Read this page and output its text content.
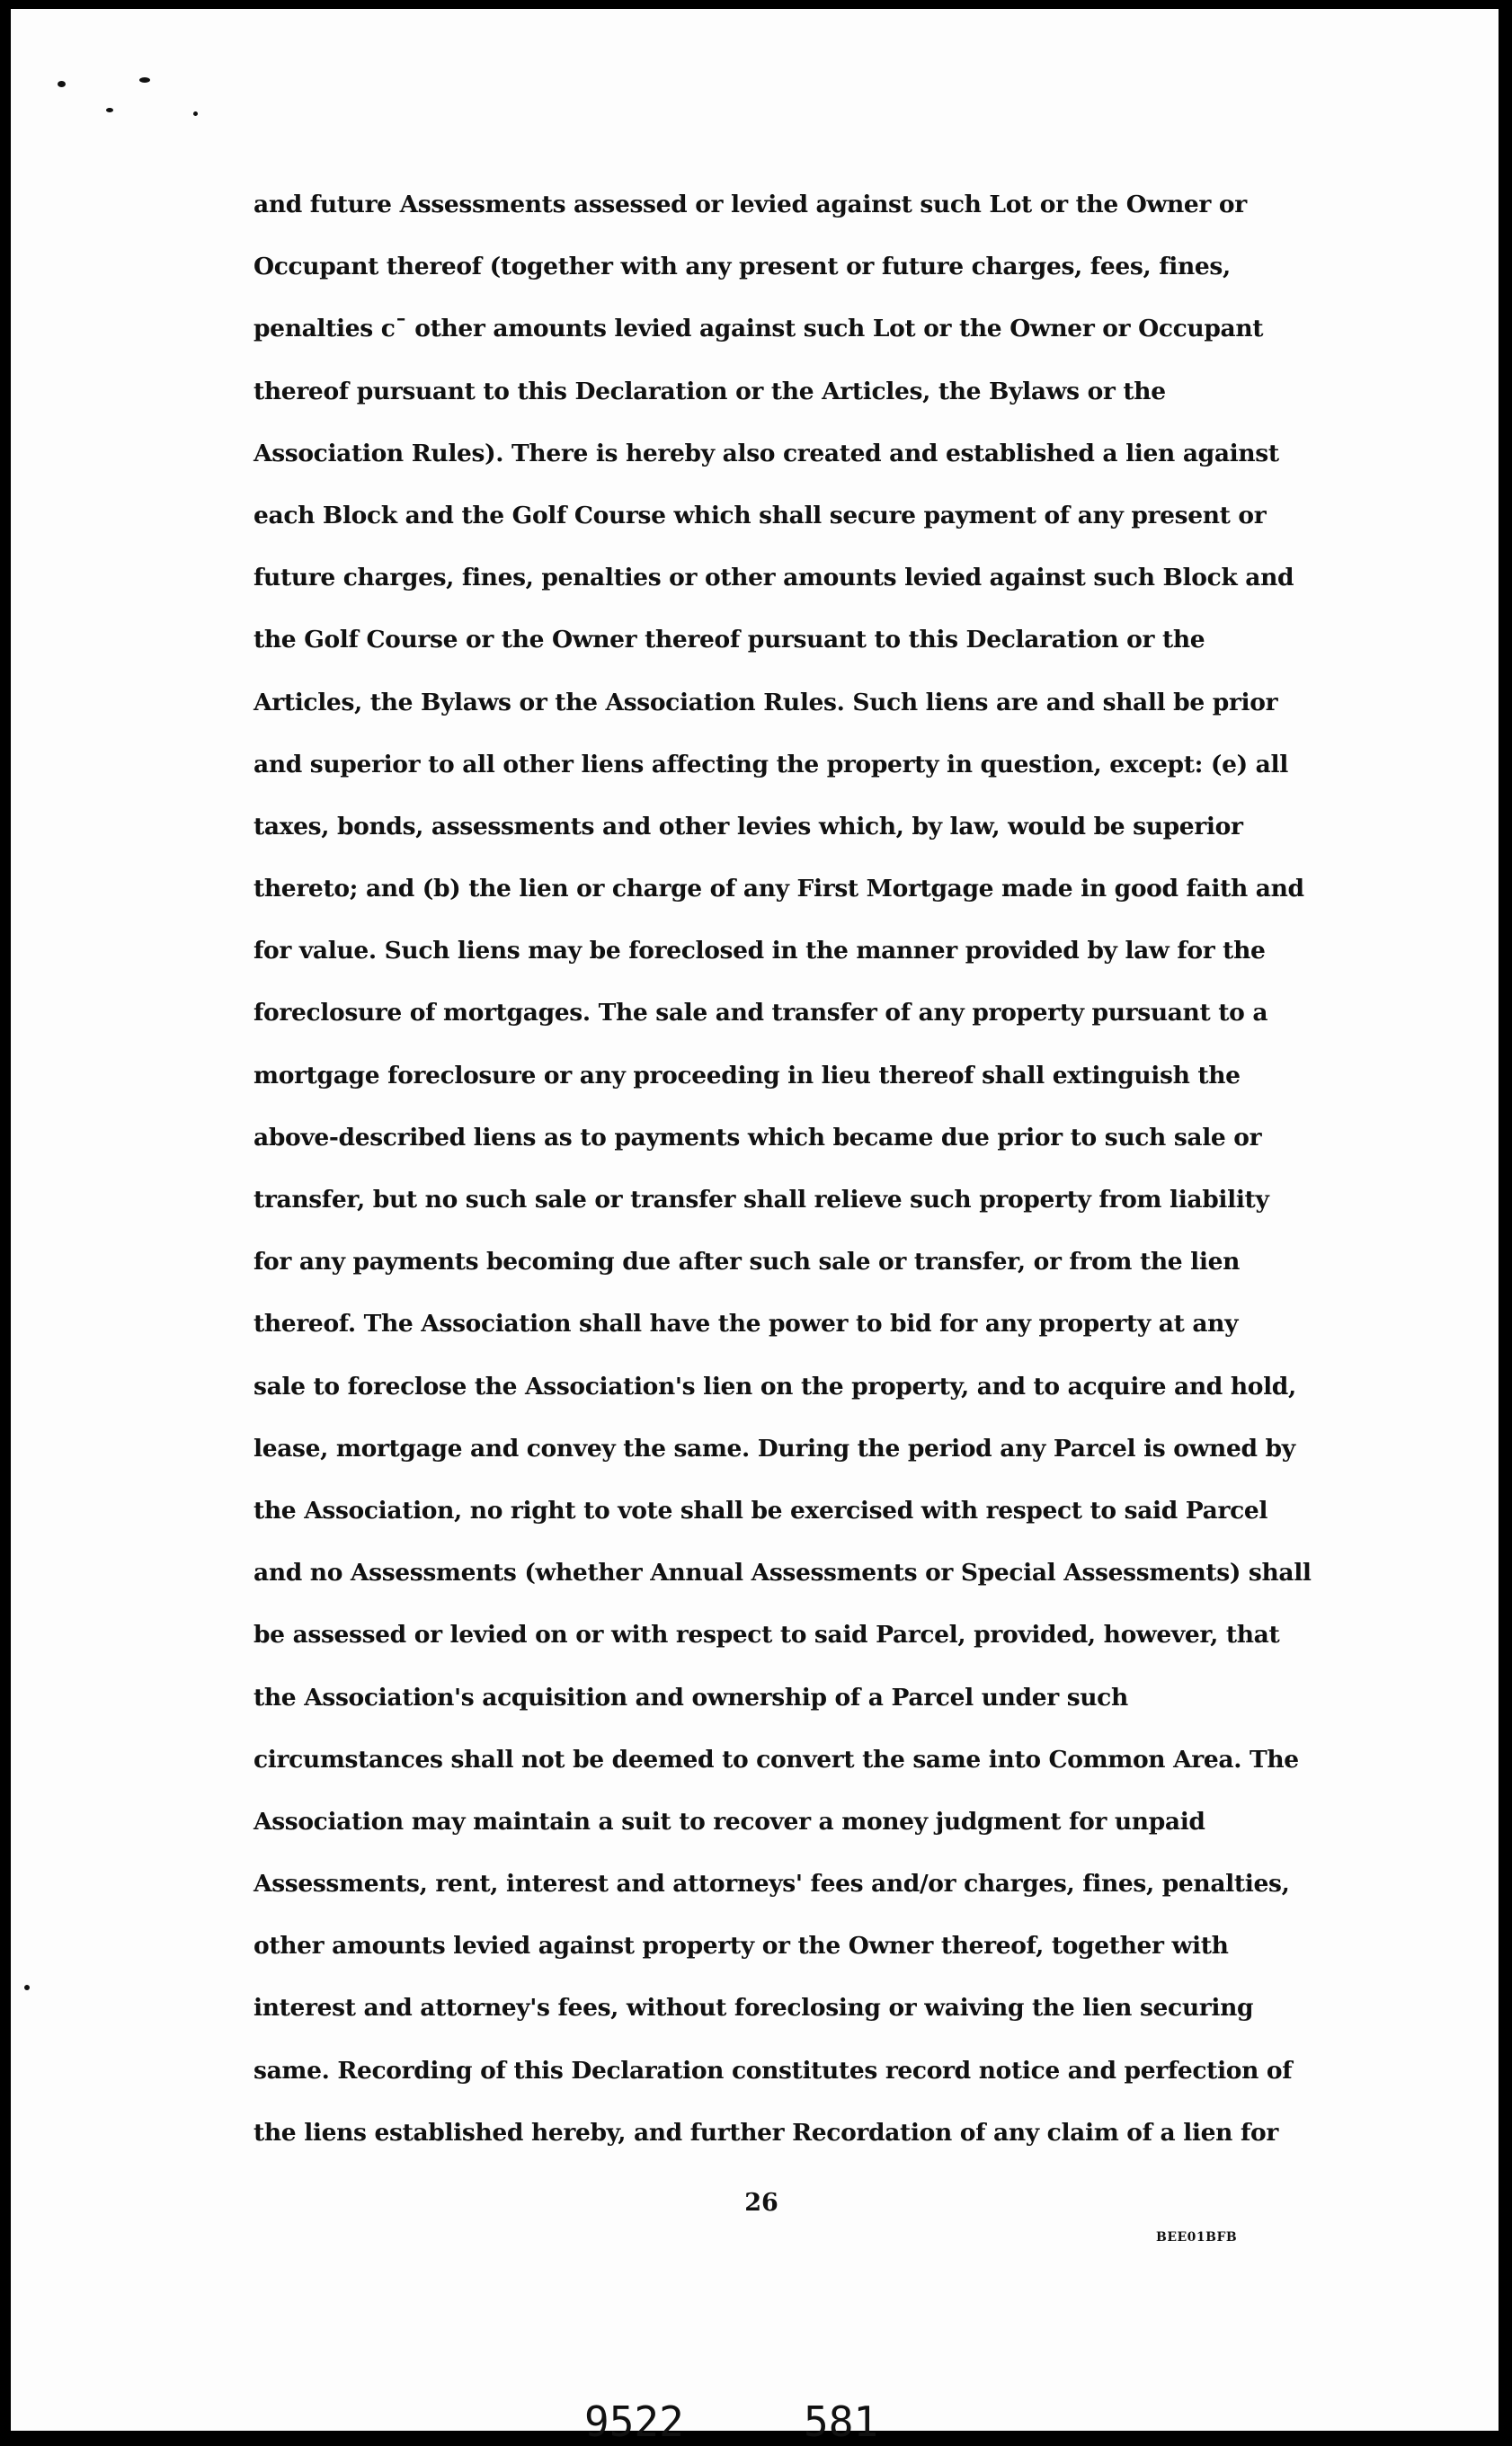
and future Assessments assessed or levied against such Lot or the Owner or
Occupant thereof (together with any present or future charges, fees, fines,
penalties cˉ other amounts levied against such Lot or the Owner or Occupant
thereof pursuant to this Declaration or the Articles, the Bylaws or the
Association Rules). There is hereby also created and established a lien against
each Block and the Golf Course which shall secure payment of any present or
future charges, fines, penalties or other amounts levied against such Block and
the Golf Course or the Owner thereof pursuant to this Declaration or the
Articles, the Bylaws or the Association Rules. Such liens are and shall be prior
and superior to all other liens affecting the property in question, except: (e) all
taxes, bonds, assessments and other levies which, by law, would be superior
thereto; and (b) the lien or charge of any First Mortgage made in good faith and
for value. Such liens may be foreclosed in the manner provided by law for the
foreclosure of mortgages. The sale and transfer of any property pursuant to a
mortgage foreclosure or any proceeding in lieu thereof shall extinguish the
above-described liens as to payments which became due prior to such sale or
transfer, but no such sale or transfer shall relieve such property from liability
for any payments becoming due after such sale or transfer, or from the lien
thereof. The Association shall have the power to bid for any property at any
sale to foreclose the Association's lien on the property, and to acquire and hold,
lease, mortgage and convey the same. During the period any Parcel is owned by
the Association, no right to vote shall be exercised with respect to said Parcel
and no Assessments (whether Annual Assessments or Special Assessments) shall
be assessed or levied on or with respect to said Parcel, provided, however, that
the Association's acquisition and ownership of a Parcel under such
circumstances shall not be deemed to convert the same into Common Area. The
Association may maintain a suit to recover a money judgment for unpaid
Assessments, rent, interest and attorneys' fees and/or charges, fines, penalties,
other amounts levied against property or the Owner thereof, together with
interest and attorney's fees, without foreclosing or waiving the lien securing
same. Recording of this Declaration constitutes record notice and perfection of
the liens established hereby, and further Recordation of any claim of a lien for
26
BEE01BFB
9522	581
